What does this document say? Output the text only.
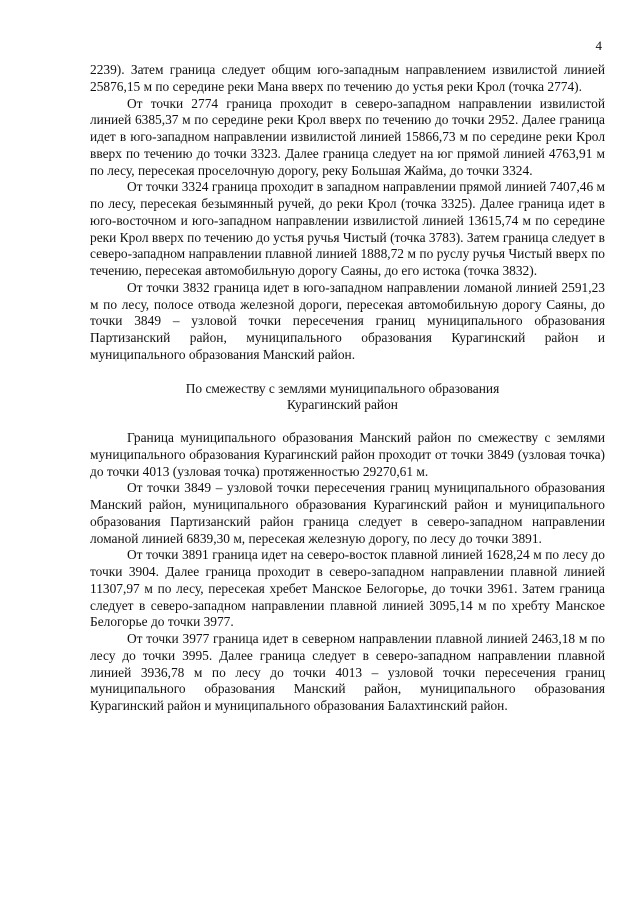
4

2239). Затем граница следует общим юго-западным направлением извилистой линией 25876,15 м по середине реки Мана вверх по течению до устья реки Крол (точка 2774).

От точки 2774 граница проходит в северо-западном направлении извилистой линией 6385,37 м по середине реки Крол вверх по течению до точки 2952. Далее граница идет в юго-западном направлении извилистой линией 15866,73 м по середине реки Крол вверх по течению до точки 3323. Далее граница следует на юг прямой линией 4763,91 м по лесу, пересекая проселочную дорогу, реку Большая Жайма, до точки 3324.

От точки 3324 граница проходит в западном направлении прямой линией 7407,46 м по лесу, пересекая безымянный ручей, до реки Крол (точка 3325). Далее граница идет в юго-восточном и юго-западном направлении извилистой линией 13615,74 м по середине реки Крол вверх по течению до устья ручья Чистый (точка 3783). Затем граница следует в северо-западном направлении плавной линией 1888,72 м по руслу ручья Чистый вверх по течению, пересекая автомобильную дорогу Саяны, до его истока (точка 3832).

От точки 3832 граница идет в юго-западном направлении ломаной линией 2591,23 м по лесу, полосе отвода железной дороги, пересекая автомобильную дорогу Саяны, до точки 3849 – узловой точки пересечения границ муниципального образования Партизанский район, муниципального образования Курагинский район и муниципального образования Манский район.

По смежеству с землями муниципального образования
Курагинский район

Граница муниципального образования Манский район по смежеству с землями муниципального образования Курагинский район проходит от точки 3849 (узловая точка) до точки 4013 (узловая точка) протяженностью 29270,61 м.

От точки 3849 – узловой точки пересечения границ муниципального образования Манский район, муниципального образования Курагинский район и муниципального образования Партизанский район граница следует в северо-западном направлении ломаной линией 6839,30 м, пересекая железную дорогу, по лесу до точки 3891.

От точки 3891 граница идет на северо-восток плавной линией 1628,24 м по лесу до точки 3904. Далее граница проходит в северо-западном направлении плавной линией 11307,97 м по лесу, пересекая хребет Манское Белогорье, до точки 3961. Затем граница следует в северо-западном направлении плавной линией 3095,14 м по хребту Манское Белогорье до точки 3977.

От точки 3977 граница идет в северном направлении плавной линией 2463,18 м по лесу до точки 3995. Далее граница следует в северо-западном направлении плавной линией 3936,78 м по лесу до точки 4013 – узловой точки пересечения границ муниципального образования Манский район, муниципального образования Курагинский район и муниципального образования Балахтинский район.
